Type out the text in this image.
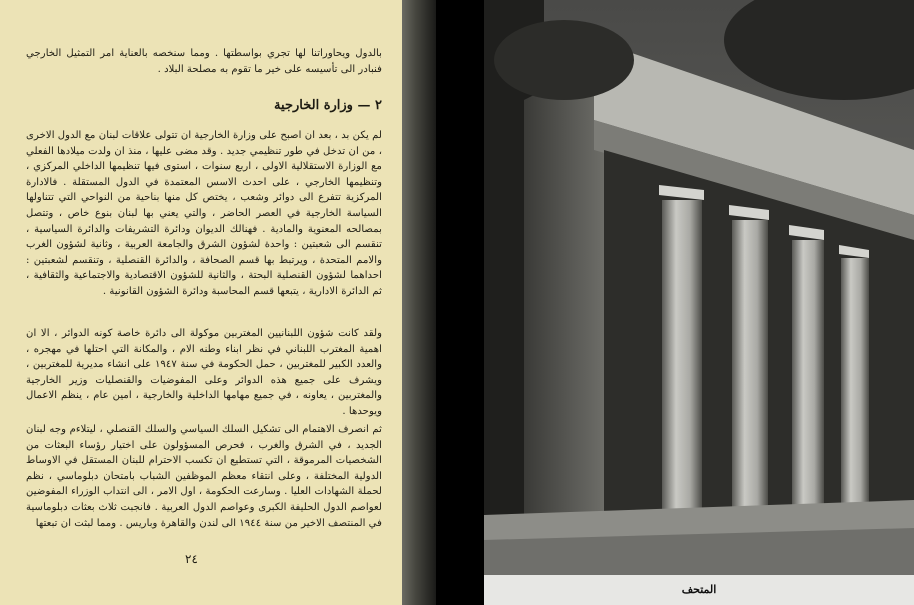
بالدول ويحاوراتنا لها تجري بواسطتها . ومما سنخصه بالعناية امر التمثيل الخارجي فنبادر الى تأسيسه على خير ما تقوم به مصلحة البلاد .

٢ — وزارة الخارجية

لم يكن بد ، بعد ان اصبح على وزارة الخارجية ان تتولى علاقات لبنان مع الدول الاخرى ، من ان تدخل في طور تنظيمي جديد . وقد مضى عليها ، منذ ان ولدت ميلادها الفعلي مع الوزارة الاستقلالية الاولى ، اربع سنوات ، استوى فيها تنظيمها الداخلي المركزي ، وتنظيمها الخارجي ، على احدث الاسس المعتمدة في الدول المستقلة . فالادارة المركزية تتفرع الى دوائر وشعب ، يختص كل منها بناحية من النواحي التي تتناولها السياسة الخارجية في العصر الحاضر ، والتي يعني بها لبنان بنوع خاص ، وتتصل بمصالحه المعنوية والمادية . فهنالك الديوان ودائرة التشريفات والدائرة السياسية ، تنقسم الى شعبتين : واحدة لشؤون الشرق والجامعة العربية ، وثانية لشؤون الغرب والامم المتحدة ، ويرتبط بها قسم الصحافة ، والدائرة القنصلية ، وتنقسم لشعبتين : احداهما لشؤون القنصلية البحتة ، والثانية للشؤون الاقتصادية والاجتماعية والثقافية ، ثم الدائرة الادارية ، يتبعها قسم المحاسبة ودائرة الشؤون القانونية .

ولقد كانت شؤون اللبنانيين المغتربين موكولة الى دائرة خاصة كونه الدوائر ، الا ان اهمية المغترب اللبناني في نظر ابناء وطنه الام ، والمكانة التي احتلها في مهجره ، والعدد الكبير للمغتربين ، حمل الحكومة في سنة ١٩٤٧ على انشاء مديرية للمغتربين ، ويشرف على جميع هذه الدوائر وعلى المفوضيات والقنصليات وزير الخارجية والمغتربين ، يعاونه ، في جميع مهامها الداخلية والخارجية ، امين عام ، ينظم الاعمال ويوحدها .

ثم انصرف الاهتمام الى تشكيل السلك السياسي والسلك القنصلي ، ليتلاءم وجه لبنان الجديد ، في الشرق والغرب ، فحرص المسؤولون على اختيار رؤساء البعثات من الشخصيات المرموقة ، التي تستطيع ان تكسب الاحترام للبنان المستقل في الاوساط الدولية المختلفة ، وعلى انتقاء معظم الموظفين الشباب بامتحان دبلوماسي ، نظم لحملة الشهادات العليا . وسارعت الحكومة ، اول الامر ، الى انتداب الوزراء المفوضين لعواصم الدول الحليفة الكبرى وعواصم الدول العربية . فانجبت ثلاث بعثات دبلوماسية في المنتصف الاخير من سنة ١٩٤٤ الى لندن والقاهرة وباريس . ومما لبثت ان تبعتها

٢٤
المتحف
